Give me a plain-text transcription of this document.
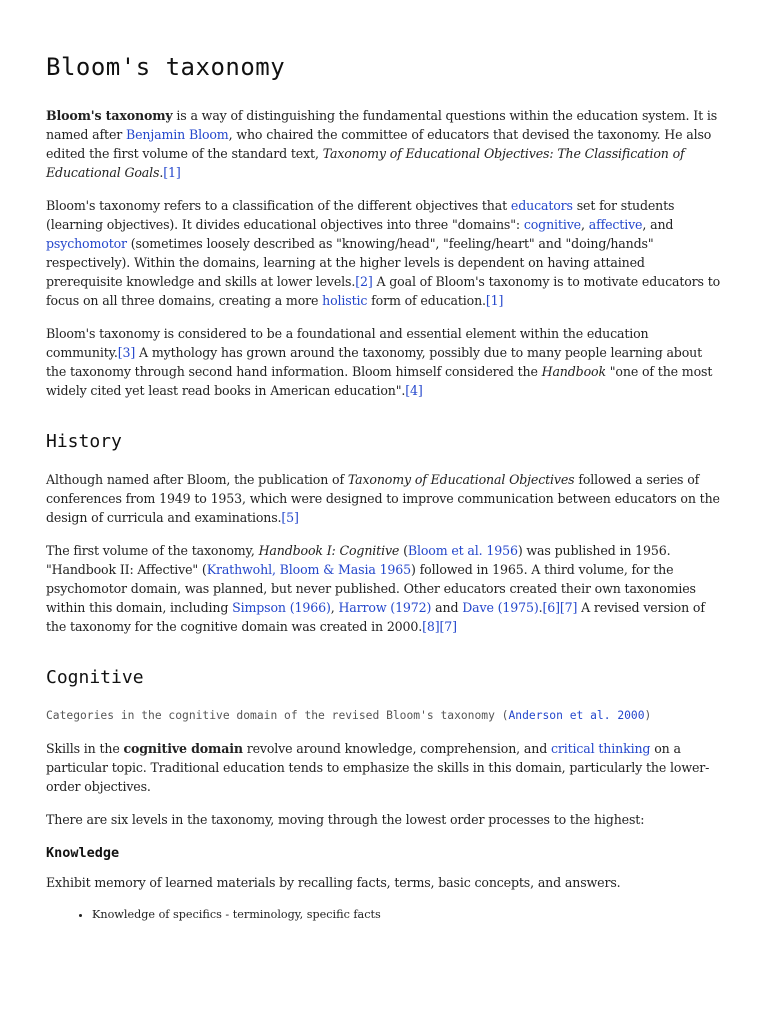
Bloom's taxonomy

Bloom's taxonomy is a way of distinguishing the fundamental questions within the education system. It is named after Benjamin Bloom, who chaired the committee of educators that devised the taxonomy. He also edited the first volume of the standard text, Taxonomy of Educational Objectives: The Classification of Educational Goals.[1]

Bloom's taxonomy refers to a classification of the different objectives that educators set for students (learning objectives). It divides educational objectives into three "domains": cognitive, affective, and psychomotor (sometimes loosely described as "knowing/head", "feeling/heart" and "doing/hands" respectively). Within the domains, learning at the higher levels is dependent on having attained prerequisite knowledge and skills at lower levels.[2] A goal of Bloom's taxonomy is to motivate educators to focus on all three domains, creating a more holistic form of education.[1]

Bloom's taxonomy is considered to be a foundational and essential element within the education community.[3] A mythology has grown around the taxonomy, possibly due to many people learning about the taxonomy through second hand information. Bloom himself considered the Handbook "one of the most widely cited yet least read books in American education".[4]

History

Although named after Bloom, the publication of Taxonomy of Educational Objectives followed a series of conferences from 1949 to 1953, which were designed to improve communication between educators on the design of curricula and examinations.[5]

The first volume of the taxonomy, Handbook I: Cognitive (Bloom et al. 1956) was published in 1956. "Handbook II: Affective" (Krathwohl, Bloom & Masia 1965) followed in 1965. A third volume, for the psychomotor domain, was planned, but never published. Other educators created their own taxonomies within this domain, including Simpson (1966), Harrow (1972) and Dave (1975).[6][7] A revised version of the taxonomy for the cognitive domain was created in 2000.[8][7]

Cognitive
Categories in the cognitive domain of the revised Bloom's taxonomy (Anderson et al. 2000)

Skills in the cognitive domain revolve around knowledge, comprehension, and critical thinking on a particular topic. Traditional education tends to emphasize the skills in this domain, particularly the lower-order objectives.

There are six levels in the taxonomy, moving through the lowest order processes to the highest:

Knowledge

Exhibit memory of learned materials by recalling facts, terms, basic concepts, and answers.

• Knowledge of specifics - terminology, specific facts
